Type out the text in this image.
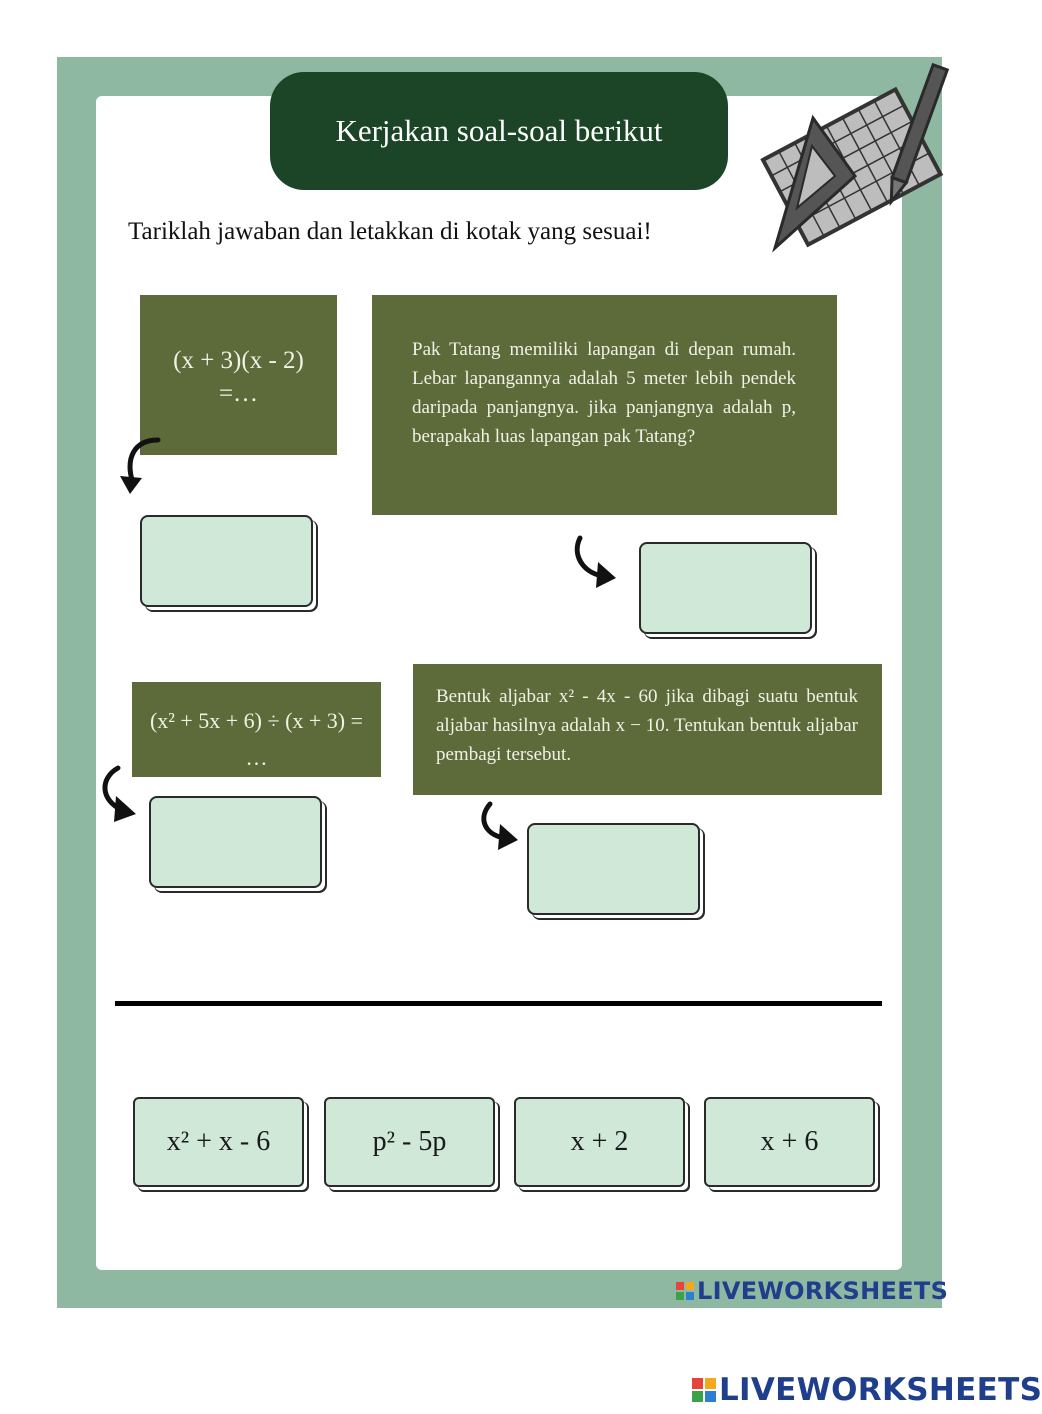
Kerjakan soal-soal berikut
Tariklah jawaban dan letakkan di kotak yang sesuai!
(x + 3)(x - 2)
=…
Pak Tatang memiliki lapangan di depan rumah. Lebar lapangannya adalah 5 meter lebih pendek daripada panjangnya. jika panjangnya adalah p, berapakah luas lapangan pak Tatang?
(x² + 5x + 6) ÷ (x + 3) =
…
Bentuk aljabar x² - 4x - 60 jika dibagi suatu bentuk aljabar hasilnya adalah x − 10. Tentukan bentuk aljabar pembagi tersebut.
x² + x - 6	p² - 5p	x + 2	x + 6
LIVEWORKSHEETS
LIVEWORKSHEETS
